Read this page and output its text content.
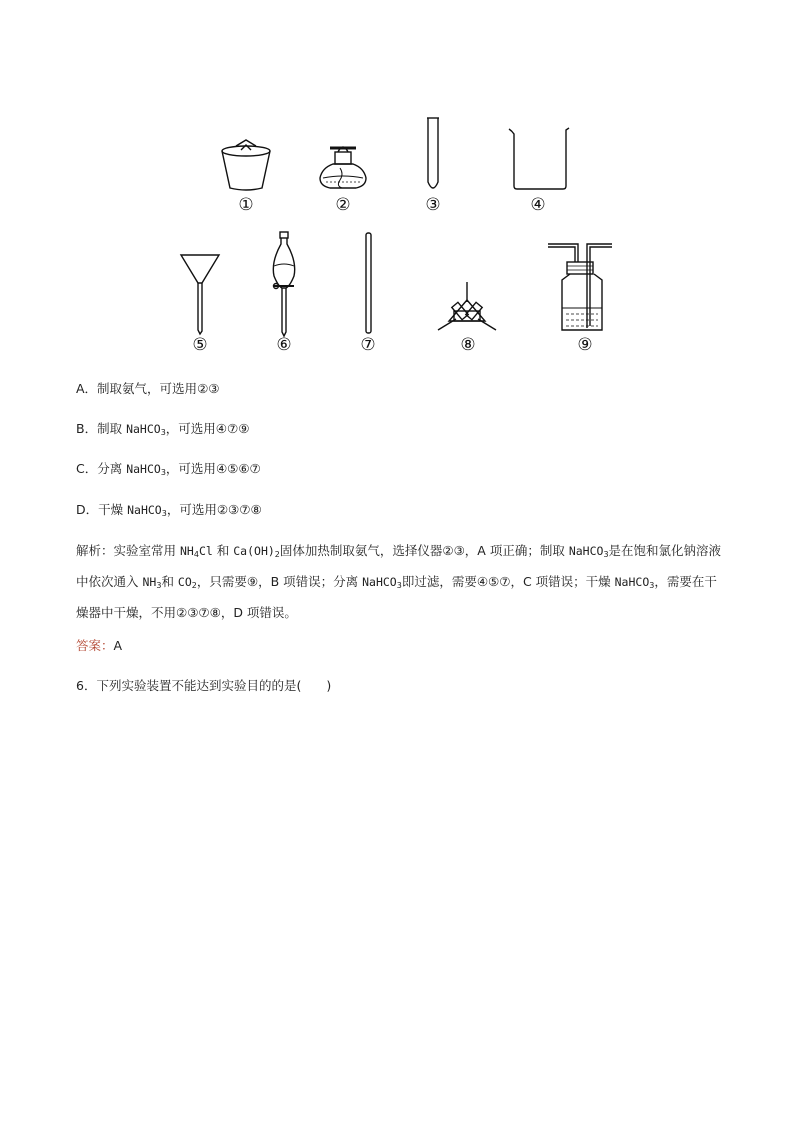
①	②	③	④
⑤	⑥	⑦	⑧	⑨
A．制取氨气，可选用②③
B．制取 NaHCO$_3$，可选用④⑦⑨
C．分离 NaHCO$_3$，可选用④⑤⑥⑦
D．干燥 NaHCO$_3$，可选用②③⑦⑧
解析：实验室常用 $NH_4Cl$ 和 $Ca(OH)_2$固体加热制取氨气，选择仪器②③，A 项正确；制取 NaHCO$_3$是在饱和氯化钠溶液中依次通入 $NH_3$和 $CO_2$，只需要⑨，B 项错误；分离 NaHCO$_3$即过滤，需要④⑤⑦，C 项错误；干燥 NaHCO$_3$，需要在干燥器中干燥，不用②③⑦⑧，D 项错误。
答案：A
6．下列实验装置不能达到实验目的的是(　　)
